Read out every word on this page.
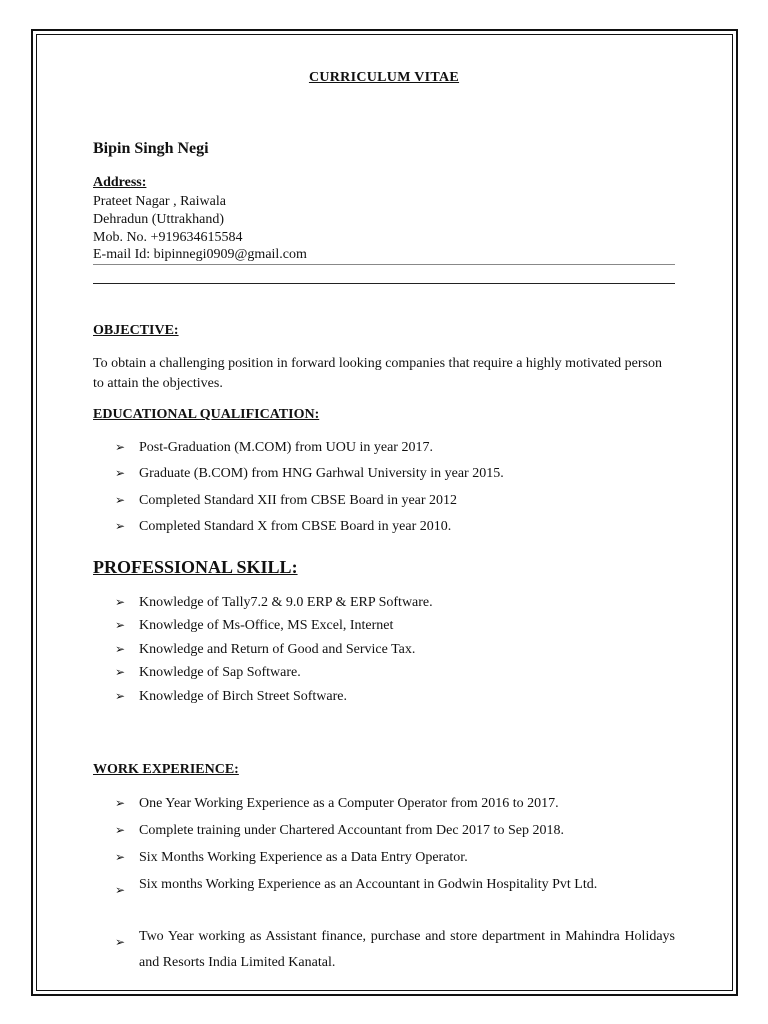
CURRICULUM VITAE
Bipin Singh Negi
Address:
Prateet Nagar , Raiwala
Dehradun (Uttrakhand)
Mob. No. +919634615584
E-mail Id: bipinnegi0909@gmail.com
OBJECTIVE:
To obtain a challenging position in forward looking companies that require a highly motivated person to attain the objectives.
EDUCATIONAL QUALIFICATION:
➢ Post-Graduation (M.COM) from UOU in year 2017.
➢ Graduate (B.COM) from HNG Garhwal University in year 2015.
➢ Completed Standard XII from CBSE Board in year 2012
➢ Completed Standard X from CBSE Board in year 2010.
PROFESSIONAL SKILL:
➢ Knowledge of Tally7.2 & 9.0 ERP & ERP Software.
➢ Knowledge of Ms-Office, MS Excel, Internet
➢ Knowledge and Return of Good and Service Tax.
➢ Knowledge of Sap Software.
➢ Knowledge of Birch Street Software.
WORK EXPERIENCE:
➢ One Year Working Experience as a Computer Operator from 2016 to 2017.
➢ Complete training under Chartered Accountant from Dec 2017 to Sep 2018.
➢ Six Months Working Experience as a Data Entry Operator.
➢ Six months Working Experience as an Accountant in Godwin Hospitality Pvt Ltd.
➢ Two Year working as Assistant finance, purchase and store department in Mahindra Holidays and Resorts India Limited Kanatal.
